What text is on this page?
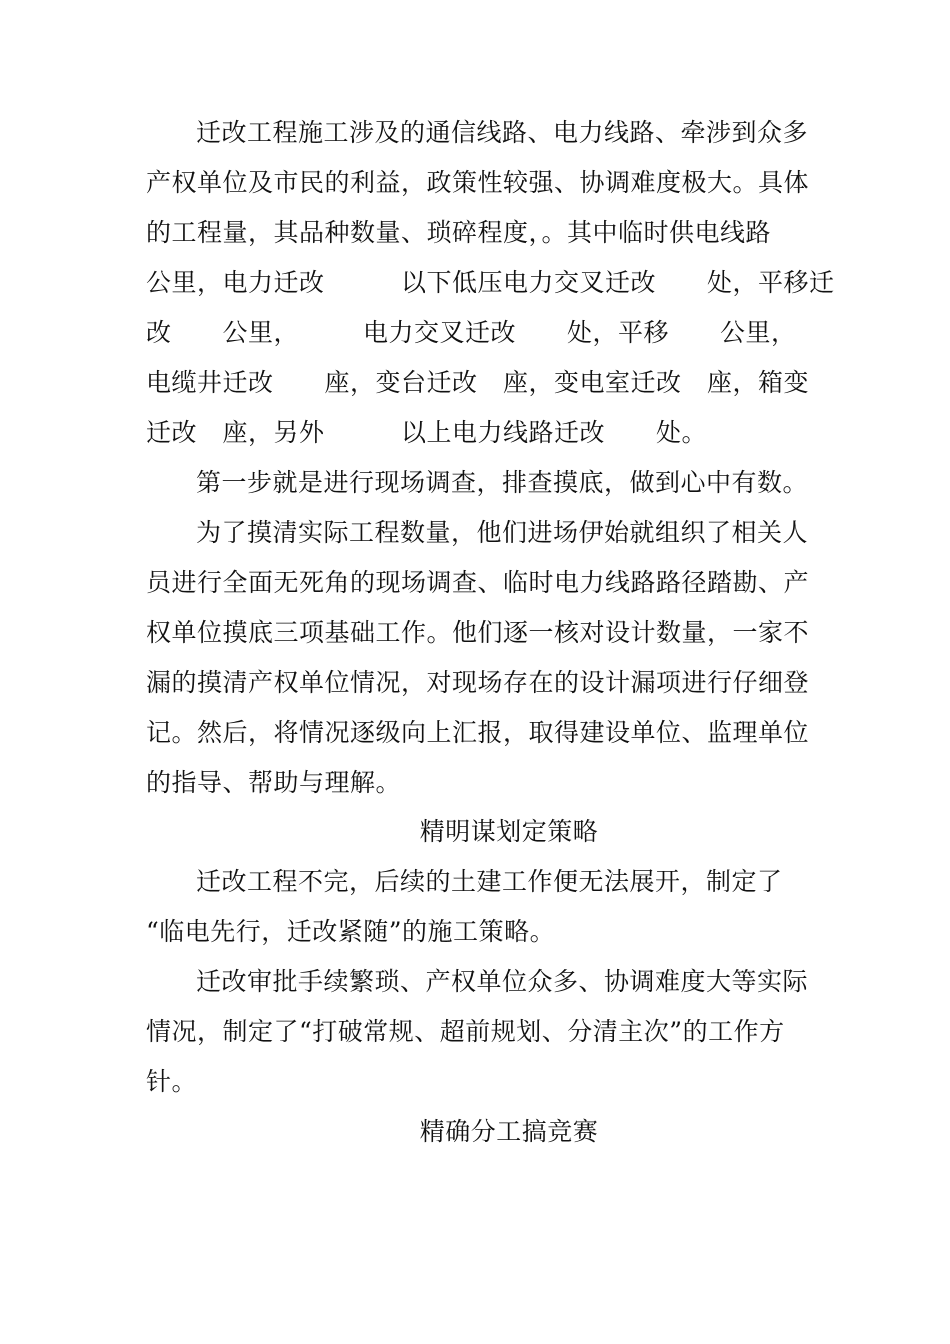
迁改工程施工涉及的通信线路、电力线路、牵涉到众多
产权单位及市民的利益，政策性较强、协调难度极大。具体
的工程量，其品种数量、琐碎程度，。其中临时供电线路
公里，电力迁改　　　以下低压电力交叉迁改　　处，平移迁
改　　公里，　　　电力交叉迁改　　处，平移　　公里，
电缆井迁改　　座，变台迁改　座，变电室迁改　座，箱变
迁改　座，另外　　　以上电力线路迁改　　处。
第一步就是进行现场调查，排查摸底，做到心中有数。
为了摸清实际工程数量，他们进场伊始就组织了相关人
员进行全面无死角的现场调查、临时电力线路路径踏勘、产
权单位摸底三项基础工作。他们逐一核对设计数量，一家不
漏的摸清产权单位情况，对现场存在的设计漏项进行仔细登
记。然后，将情况逐级向上汇报，取得建设单位、监理单位
的指导、帮助与理解。
精明谋划定策略
迁改工程不完，后续的土建工作便无法展开，制定了
“临电先行，迁改紧随”的施工策略。
迁改审批手续繁琐、产权单位众多、协调难度大等实际
情况，制定了“打破常规、超前规划、分清主次”的工作方
针。
精确分工搞竞赛
